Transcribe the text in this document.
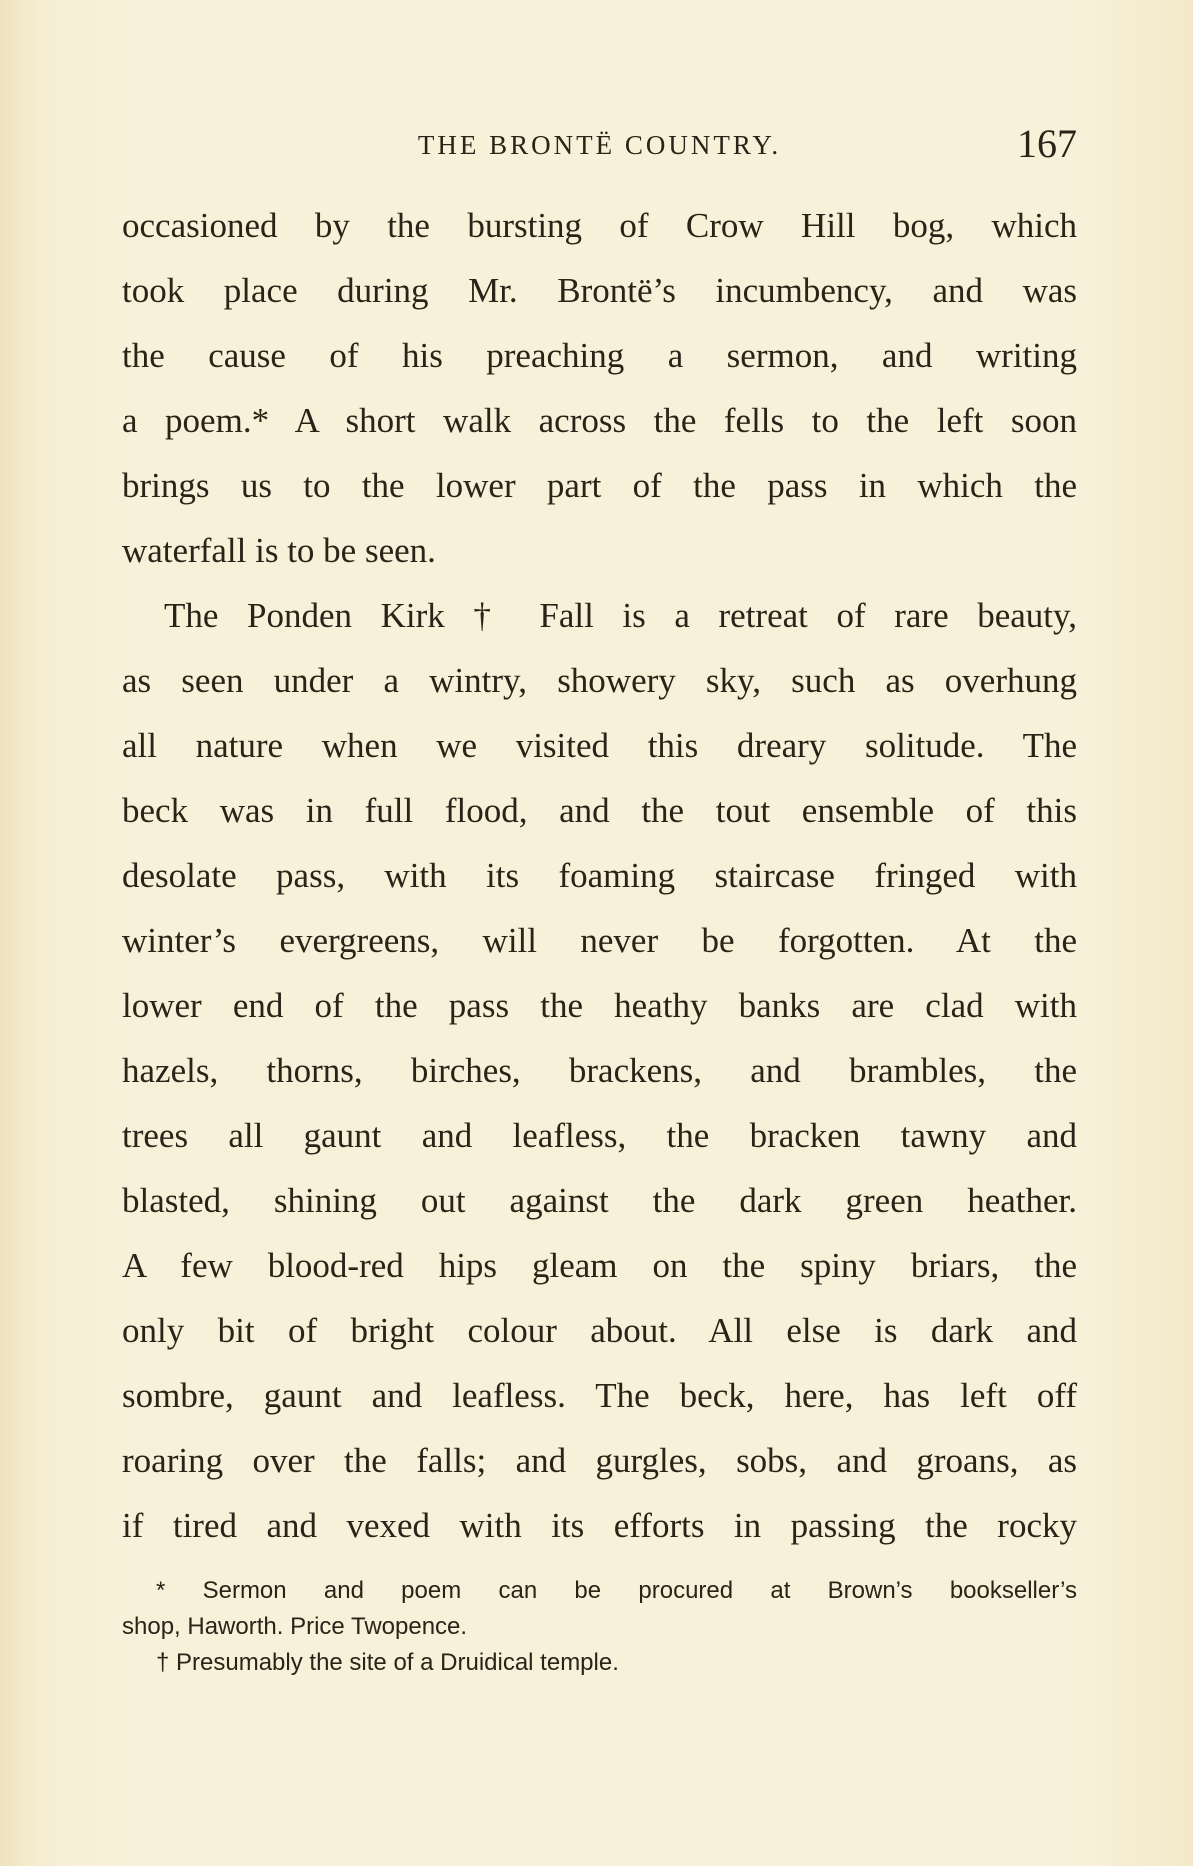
THE BRONTË COUNTRY.	167
occasioned by the bursting of Crow Hill bog, which
took place during Mr. Brontë’s incumbency, and was
the cause of his preaching a sermon, and writing
a poem.* A short walk across the fells to the left soon
brings us to the lower part of the pass in which the
waterfall is to be seen.
The Ponden Kirk † Fall is a retreat of rare beauty,
as seen under a wintry, showery sky, such as overhung
all nature when we visited this dreary solitude. The
beck was in full flood, and the tout ensemble of this
desolate pass, with its foaming staircase fringed with
winter’s evergreens, will never be forgotten. At the
lower end of the pass the heathy banks are clad with
hazels, thorns, birches, brackens, and brambles, the
trees all gaunt and leafless, the bracken tawny and
blasted, shining out against the dark green heather.
A few blood-red hips gleam on the spiny briars, the
only bit of bright colour about. All else is dark and
sombre, gaunt and leafless. The beck, here, has left off
roaring over the falls; and gurgles, sobs, and groans, as
if tired and vexed with its efforts in passing the rocky
* Sermon and poem can be procured at Brown’s bookseller’s
shop, Haworth. Price Twopence.
† Presumably the site of a Druidical temple.
